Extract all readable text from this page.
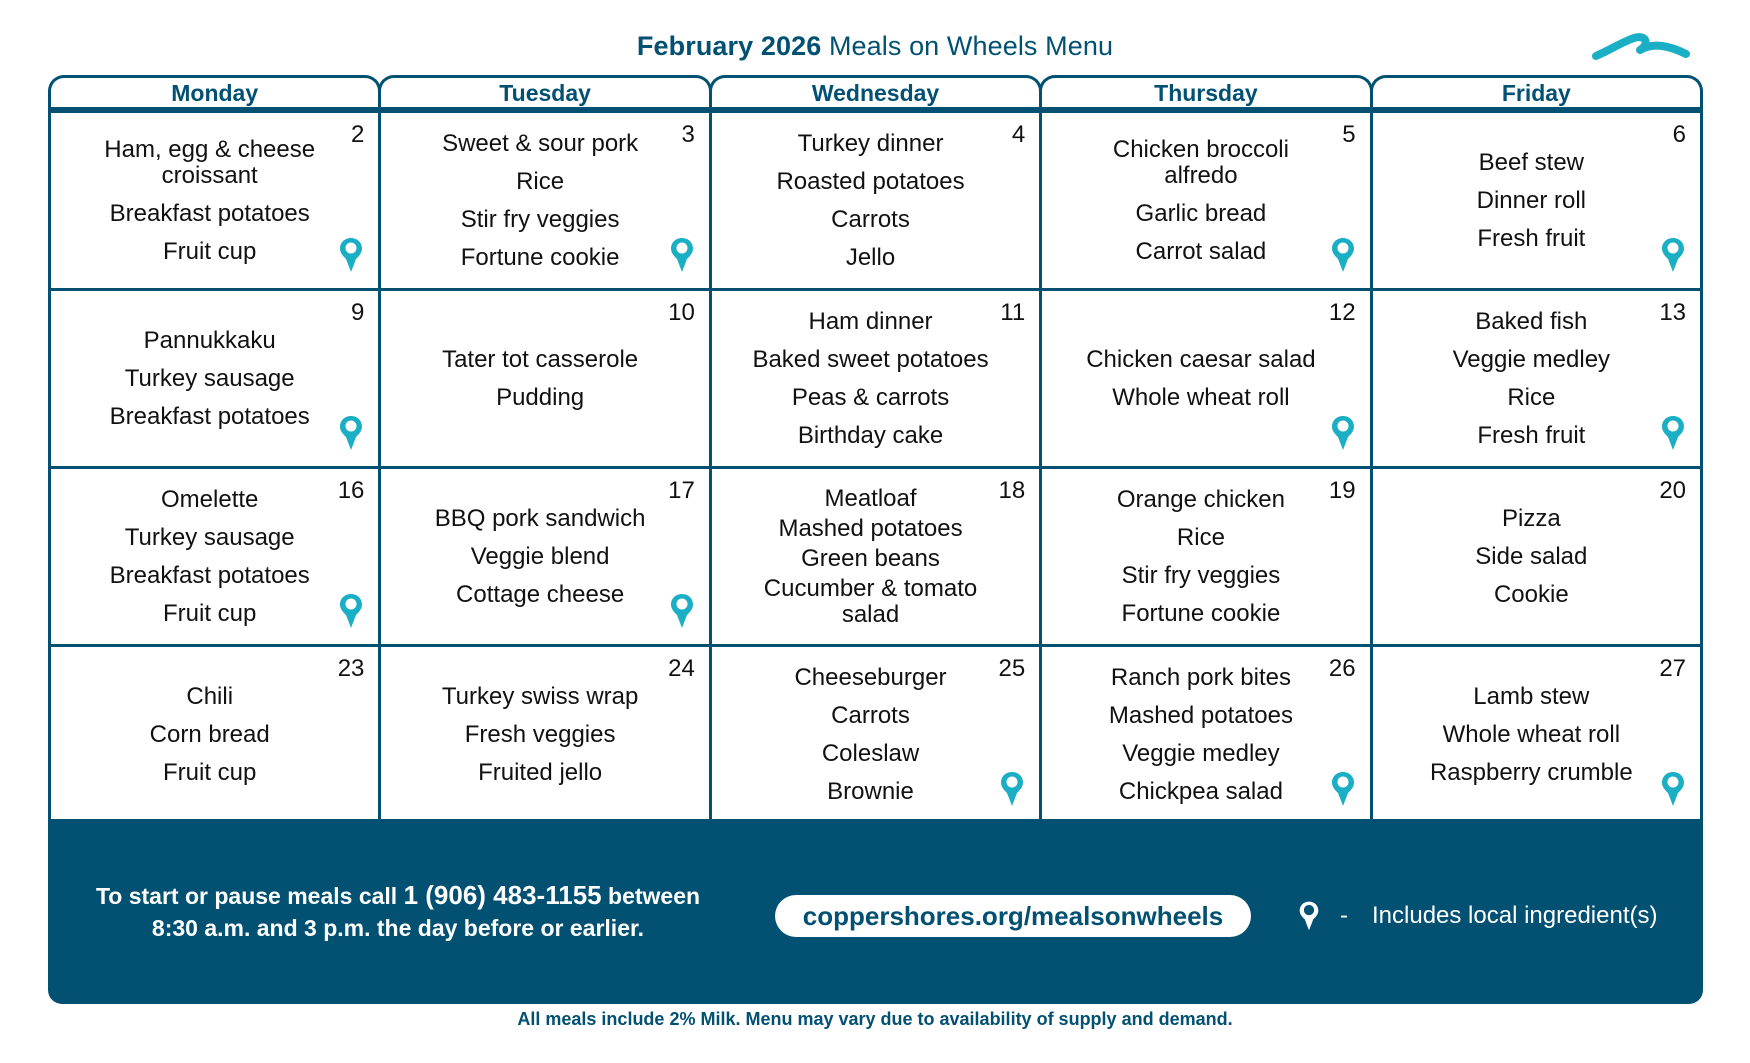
February 2026 Meals on Wheels Menu
Monday	Tuesday	Wednesday	Thursday	Friday
2
Ham, egg & cheese croissant
Breakfast potatoes
Fruit cup
3
Sweet & sour pork
Rice
Stir fry veggies
Fortune cookie
4
Turkey dinner
Roasted potatoes
Carrots
Jello
5
Chicken broccoli alfredo
Garlic bread
Carrot salad
6
Beef stew
Dinner roll
Fresh fruit
9
Pannukkaku
Turkey sausage
Breakfast potatoes
10
Tater tot casserole
Pudding
11
Ham dinner
Baked sweet potatoes
Peas & carrots
Birthday cake
12
Chicken caesar salad
Whole wheat roll
13
Baked fish
Veggie medley
Rice
Fresh fruit
16
Omelette
Turkey sausage
Breakfast potatoes
Fruit cup
17
BBQ pork sandwich
Veggie blend
Cottage cheese
18
Meatloaf
Mashed potatoes
Green beans
Cucumber & tomato salad
19
Orange chicken
Rice
Stir fry veggies
Fortune cookie
20
Pizza
Side salad
Cookie
23
Chili
Corn bread
Fruit cup
24
Turkey swiss wrap
Fresh veggies
Fruited jello
25
Cheeseburger
Carrots
Coleslaw
Brownie
26
Ranch pork bites
Mashed potatoes
Veggie medley
Chickpea salad
27
Lamb stew
Whole wheat roll
Raspberry crumble
To start or pause meals call 1 (906) 483-1155 between
8:30 a.m. and 3 p.m. the day before or earlier.	coppershores.org/mealsonwheels	- Includes local ingredient(s)
All meals include 2% Milk. Menu may vary due to availability of supply and demand.
